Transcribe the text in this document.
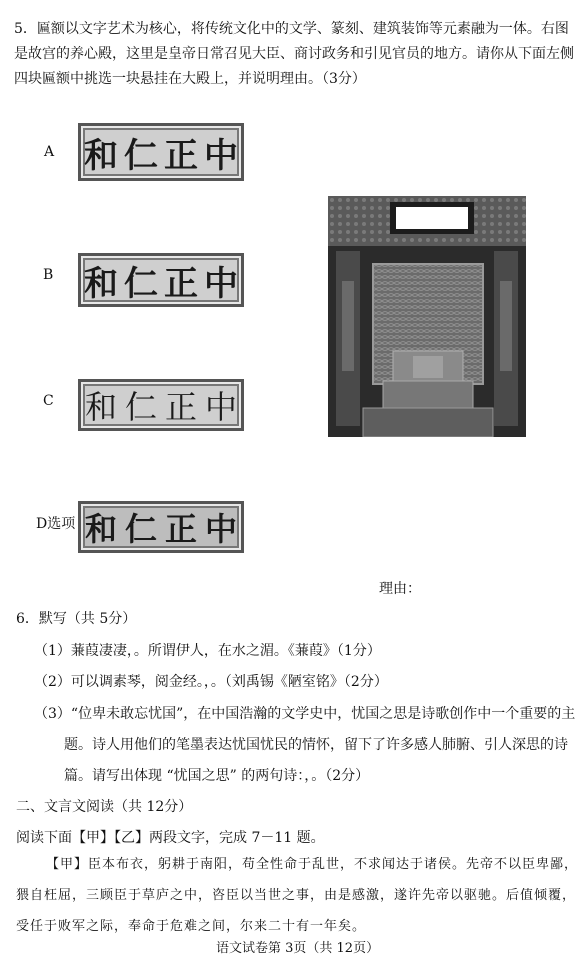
5．匾额以文字艺术为核心，将传统文化中的文学、篆刻、建筑装饰等元素融为一体。右图是故宫的养心殿，这里是皇帝日常召见大臣、商讨政务和引见官员的地方。请你从下面左侧四块匾额中挑选一块悬挂在大殿上，并说明理由。（3分）
A
B
C
D选项
和 仁 正 中
和 仁 正 中
和 仁 正 中
和 仁 正 中
理由：
6．默写（共 5分）
（1）蒹葭凄凄，。所谓伊人，在水之湄。《蒹葭》（1分）
（2）可以调素琴，阅金经。，。（刘禹锡《陋室铭》（2分）
（3）“位卑未敢忘忧国”，在中国浩瀚的文学史中，忧国之思是诗歌创作中一个重要的主
题。诗人用他们的笔墨表达忧国忧民的情怀，留下了许多感人肺腑、引人深思的诗
篇。请写出体现 “忧国之思” 的两句诗：，。（2分）
二、文言文阅读（共 12分）
阅读下面【甲】【乙】两段文字，完成 7－11 题。
【甲】臣本布衣，躬耕于南阳，苟全性命于乱世，不求闻达于诸侯。先帝不以臣卑鄙，
猥自枉屈，三顾臣于草庐之中，咨臣以当世之事，由是感激，遂许先帝以驱驰。后值倾覆，
受任于败军之际，奉命于危难之间，尔来二十有一年矣。
语文试卷第 3页（共 12页）
